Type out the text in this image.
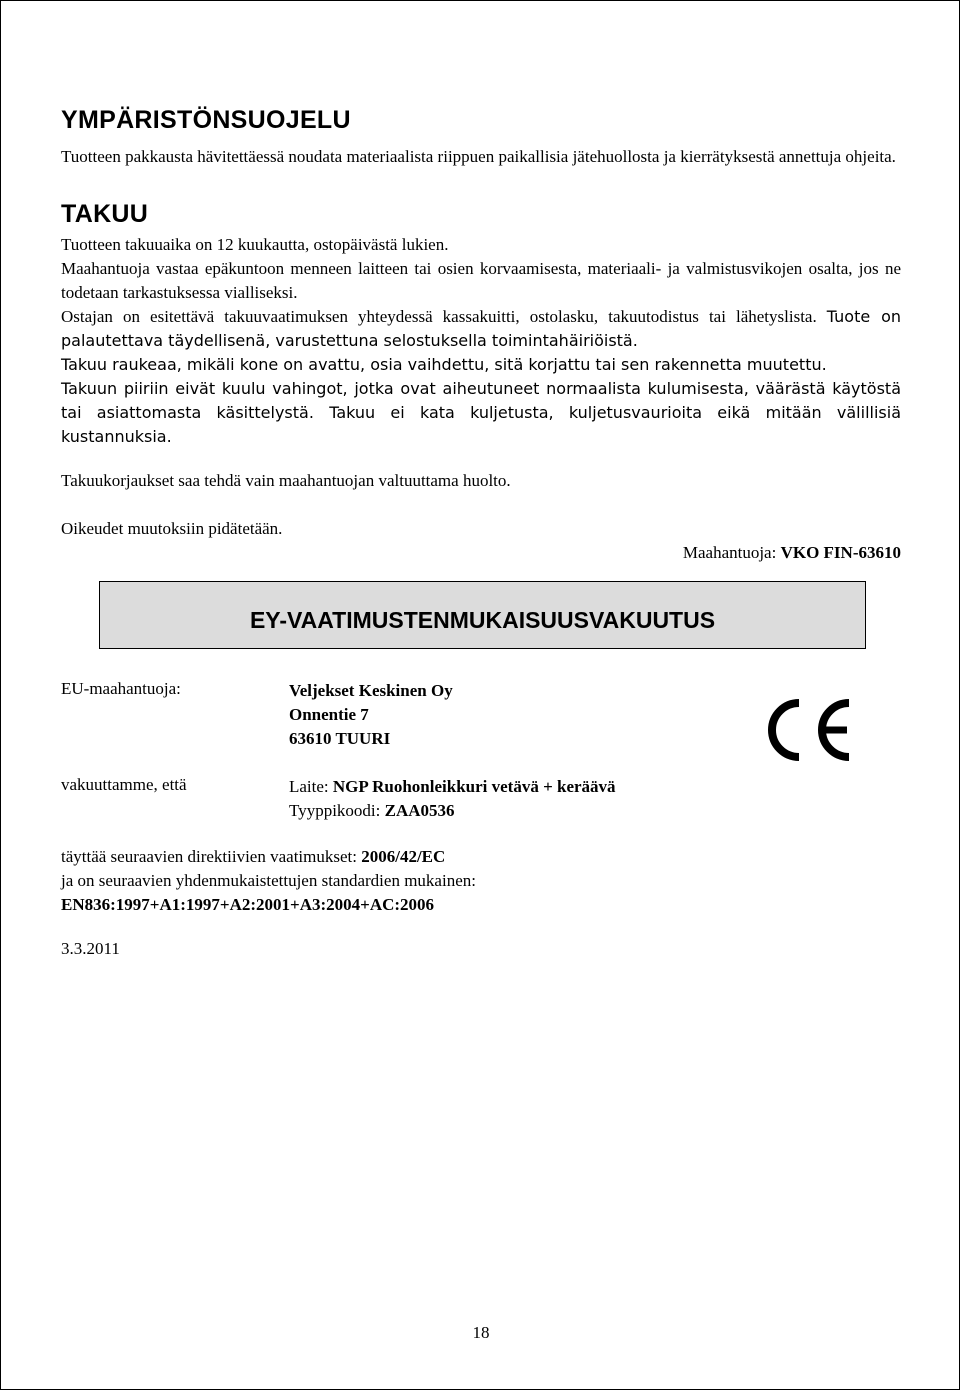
YMPÄRISTÖNSUOJELU

Tuotteen pakkausta hävitettäessä noudata materiaalista riippuen paikallisia jätehuollosta ja kierrätyksestä annettuja ohjeita.

TAKUU

Tuotteen takuuaika on 12 kuukautta, ostopäivästä lukien.

Maahantuoja vastaa epäkuntoon menneen laitteen tai osien korvaamisesta, materiaali- ja valmistusvikojen osalta, jos ne todetaan tarkastuksessa vialliseksi.

Ostajan on esitettävä takuuvaatimuksen yhteydessä kassakuitti, ostolasku, takuutodistus tai lähetyslista. Tuote on palautettava täydellisenä, varustettuna selostuksella toimintahäiriöistä.

Takuu raukeaa, mikäli kone on avattu, osia vaihdettu, sitä korjattu tai sen rakennetta muutettu.

Takuun piiriin eivät kuulu vahingot, jotka ovat aiheutuneet normaalista kulumisesta, väärästä käytöstä tai asiattomasta käsittelystä. Takuu ei kata kuljetusta, kuljetusvaurioita eikä mitään välillisiä kustannuksia.

Takuukorjaukset saa tehdä vain maahantuojan valtuuttama huolto.

Oikeudet muutoksiin pidätetään.

Maahantuoja: VKO FIN-63610

EY-VAATIMUSTENMUKAISUUSVAKUUTUS
EU-maahantuoja:	Veljekset Keskinen Oy
Onnentie 7
63610 TUURI
vakuuttamme, että	Laite: NGP Ruohonleikkuri vetävä + keräävä
Tyyppikoodi: ZAA0536

täyttää seuraavien direktiivien vaatimukset: 2006/42/EC

ja on seuraavien yhdenmukaistettujen standardien mukainen:

EN836:1997+A1:1997+A2:2001+A3:2004+AC:2006

3.3.2011

18
